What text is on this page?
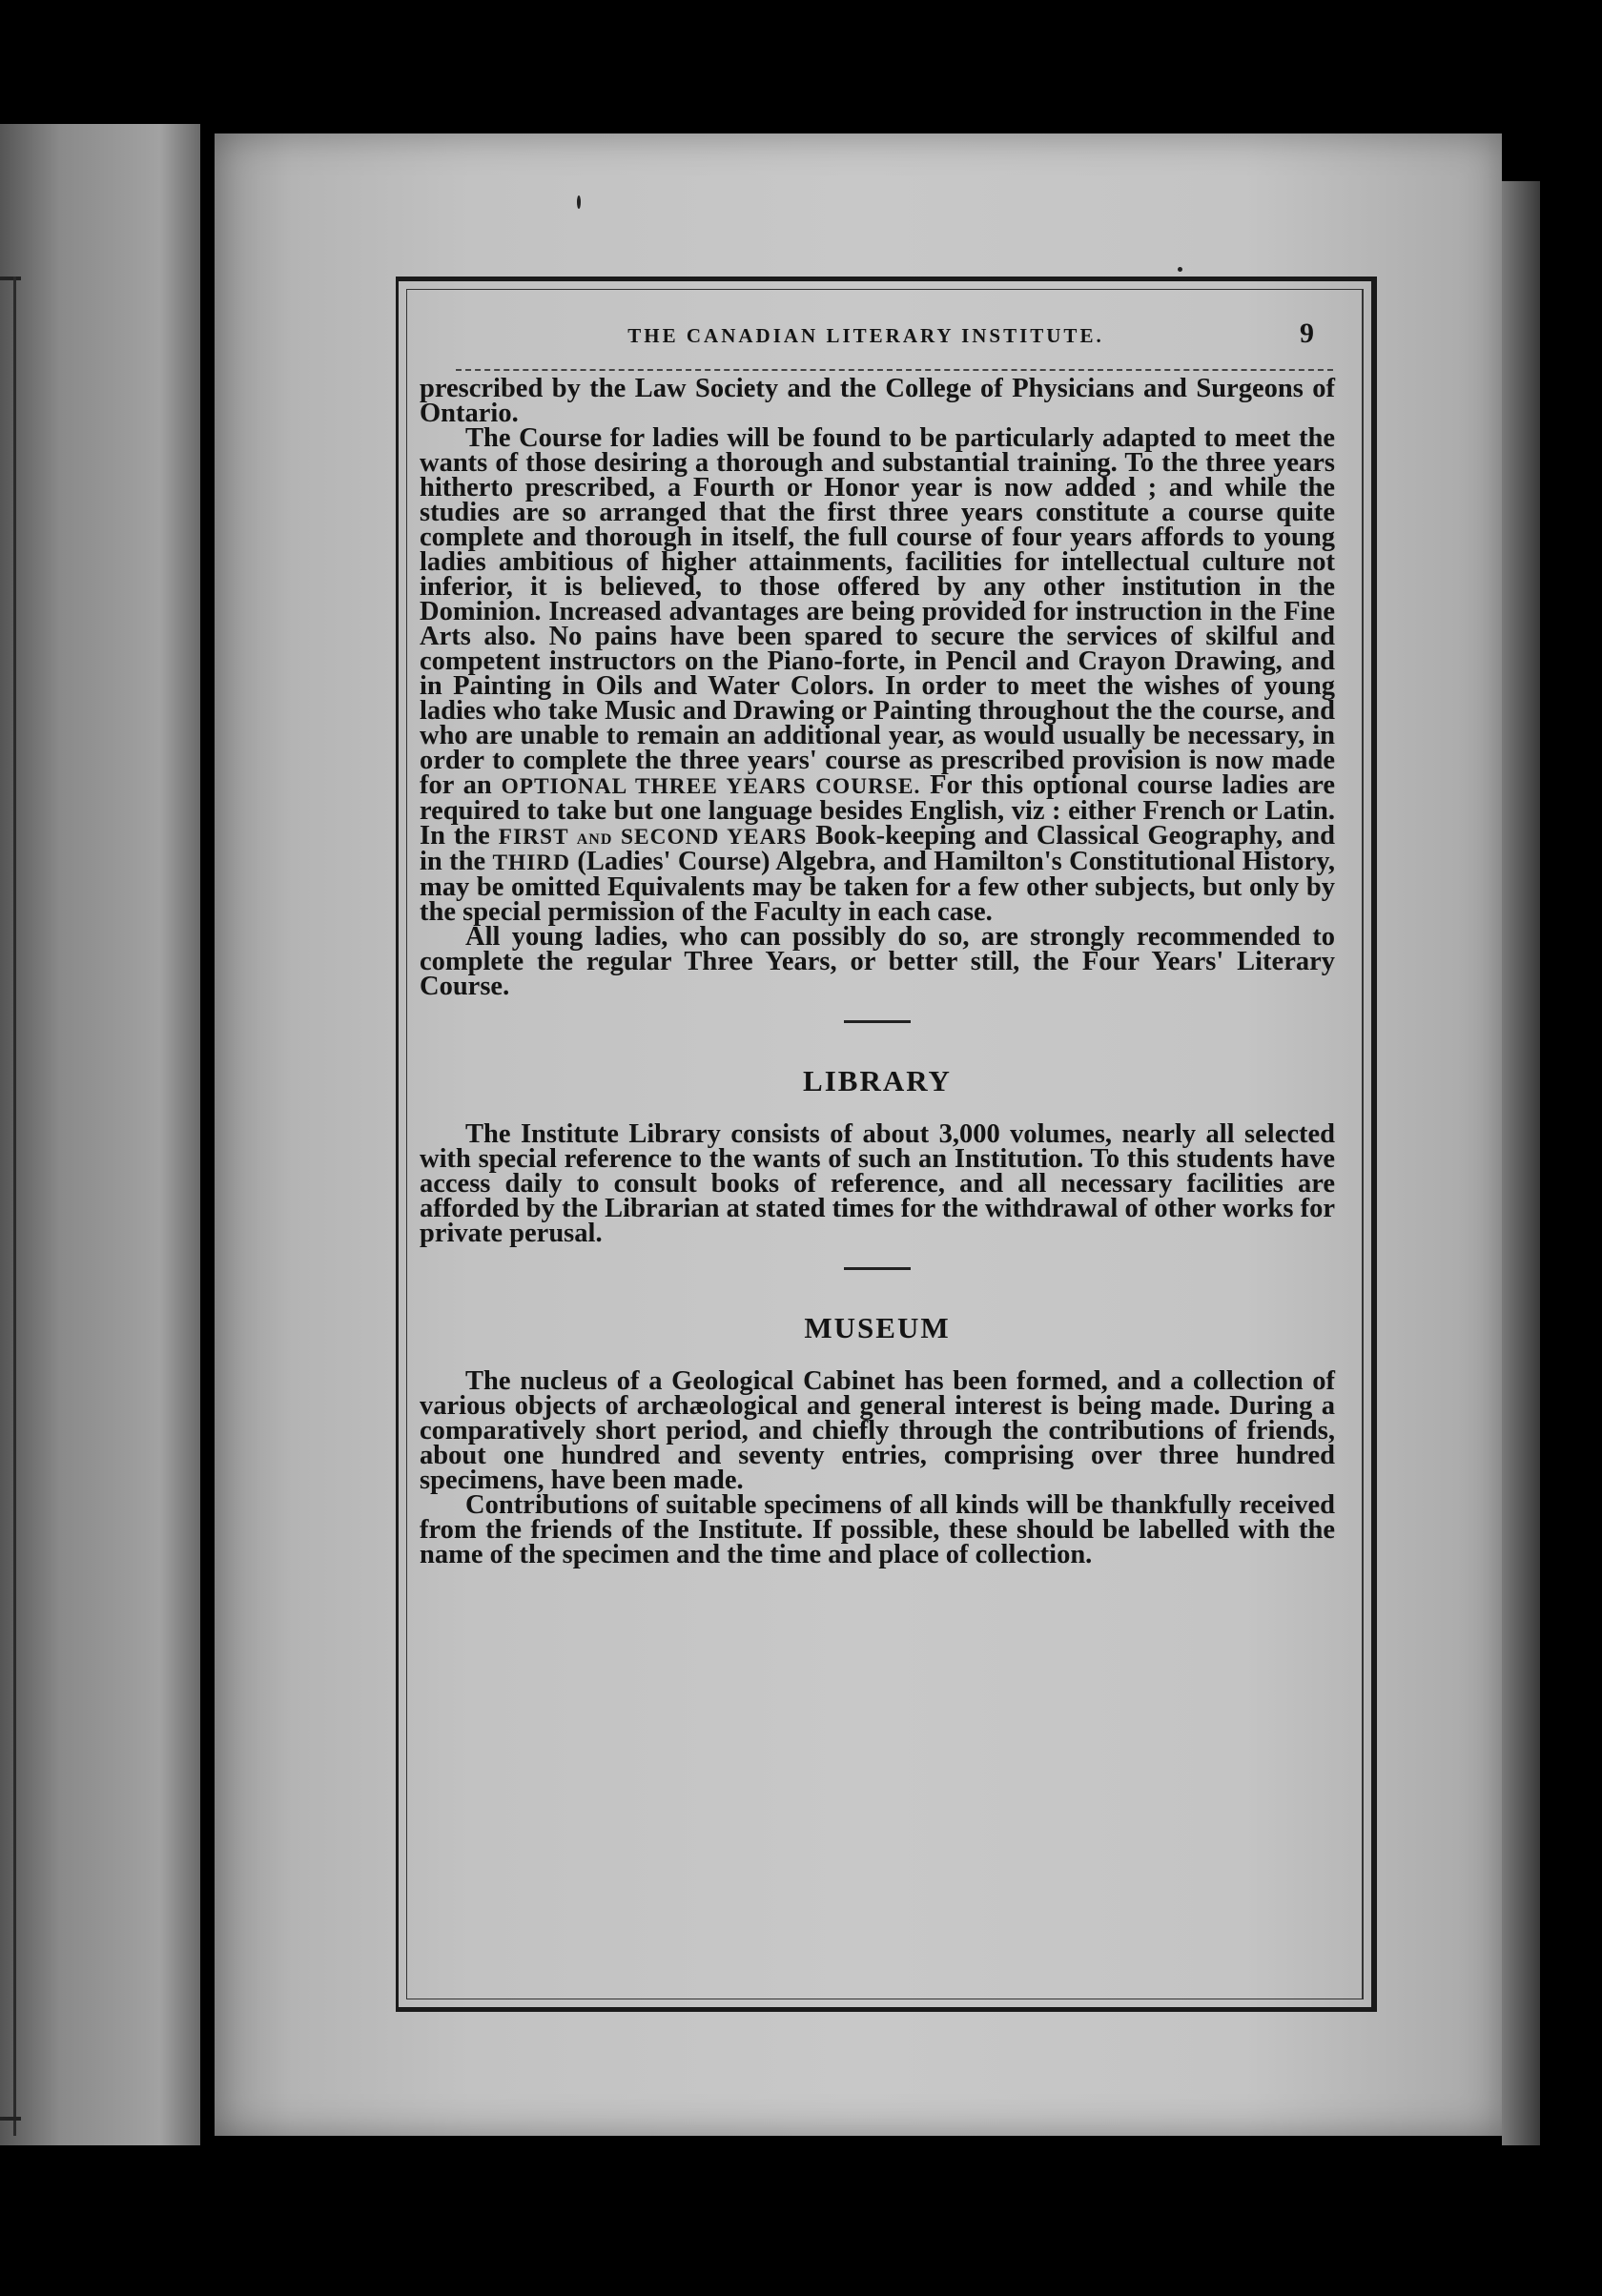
THE CANADIAN LITERARY INSTITUTE.	9

prescribed by the Law Society and the College of Physicians and Surgeons of Ontario.

The Course for ladies will be found to be particularly adapted to meet the wants of those desiring a thorough and substantial training. To the three years hitherto prescribed, a Fourth or Honor year is now added ; and while the studies are so arranged that the first three years constitute a course quite complete and thorough in itself, the full course of four years affords to young ladies ambitious of higher attainments, facilities for intellectual culture not inferior, it is believed, to those offered by any other institution in the Dominion. Increased advantages are being provided for instruction in the Fine Arts also. No pains have been spared to secure the services of skilful and competent instructors on the Piano-forte, in Pencil and Crayon Drawing, and in Painting in Oils and Water Colors. In order to meet the wishes of young ladies who take Music and Drawing or Painting throughout the the course, and who are unable to remain an additional year, as would usually be necessary, in order to complete the three years' course as prescribed provision is now made for an OPTIONAL THREE YEARS COURSE. For this optional course ladies are required to take but one language besides English, viz : either French or Latin. In the FIRST and SECOND YEARS Book-keeping and Classical Geography, and in the THIRD (Ladies' Course) Algebra, and Hamilton's Constitutional History, may be omitted Equivalents may be taken for a few other subjects, but only by the special permission of the Faculty in each case.

All young ladies, who can possibly do so, are strongly recommended to complete the regular Three Years, or better still, the Four Years' Literary Course.

LIBRARY

The Institute Library consists of about 3,000 volumes, nearly all selected with special reference to the wants of such an Institution. To this students have access daily to consult books of reference, and all necessary facilities are afforded by the Librarian at stated times for the withdrawal of other works for private perusal.

MUSEUM

The nucleus of a Geological Cabinet has been formed, and a collection of various objects of archæological and general interest is being made. During a comparatively short period, and chiefly through the contributions of friends, about one hundred and seventy entries, comprising over three hundred specimens, have been made.

Contributions of suitable specimens of all kinds will be thankfully received from the friends of the Institute. If possible, these should be labelled with the name of the specimen and the time and place of collection.
